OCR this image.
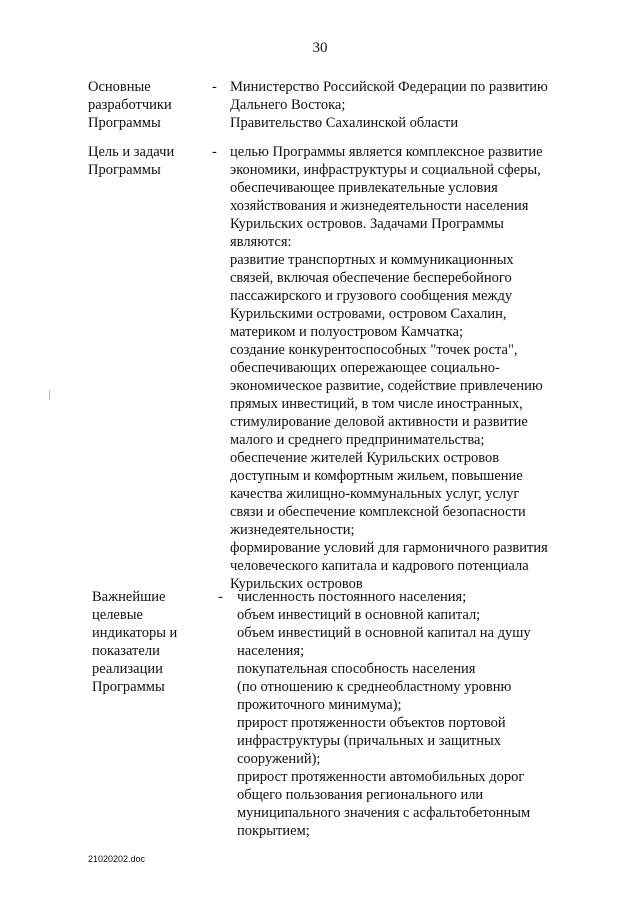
30
Основные
разработчики
Программы
- Министерство Российской Федерации по развитию
Дальнего Востока;
Правительство Сахалинской области
Цель и задачи
Программы
- целью Программы является комплексное развитие
экономики, инфраструктуры и социальной сферы,
обеспечивающее привлекательные условия
хозяйствования и жизнедеятельности населения
Курильских островов. Задачами Программы
являются:
развитие транспортных и коммуникационных
связей, включая обеспечение бесперебойного
пассажирского и грузового сообщения между
Курильскими островами, островом Сахалин,
материком и полуостровом Камчатка;
создание конкурентоспособных "точек роста",
обеспечивающих опережающее социально-
экономическое развитие, содействие привлечению
прямых инвестиций, в том числе иностранных,
стимулирование деловой активности и развитие
малого и среднего предпринимательства;
обеспечение жителей Курильских островов
доступным и комфортным жильем, повышение
качества жилищно-коммунальных услуг, услуг
связи и обеспечение комплексной безопасности
жизнедеятельности;
формирование условий для гармоничного развития
человеческого капитала и кадрового потенциала
Курильских островов
Важнейшие
целевые
индикаторы и
показатели
реализации
Программы
- численность постоянного населения;
объем инвестиций в основной капитал;
объем инвестиций в основной капитал на душу
населения;
покупательная способность населения
(по отношению к среднеобластному уровню
прожиточного минимума);
прирост протяженности объектов портовой
инфраструктуры (причальных и защитных
сооружений);
прирост протяженности автомобильных дорог
общего пользования регионального или
муниципального значения с асфальтобетонным
покрытием;
21020202.doc
